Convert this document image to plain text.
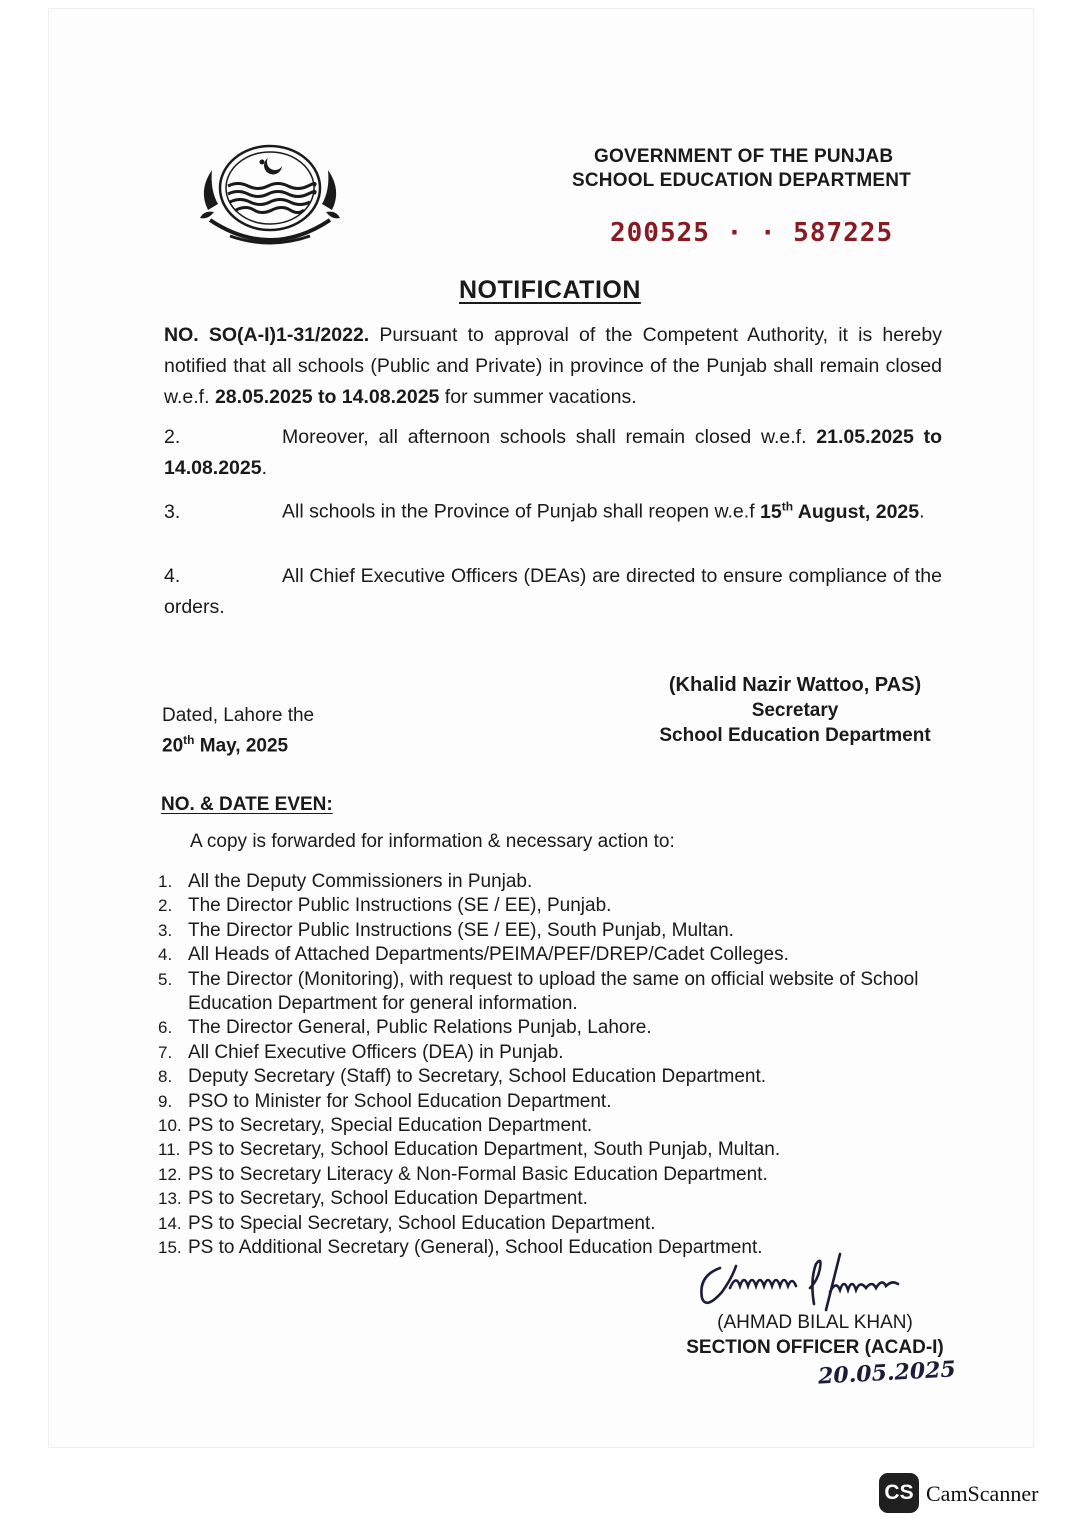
GOVERNMENT OF THE PUNJAB
SCHOOL EDUCATION DEPARTMENT
200525 · · 587225
NOTIFICATION
NO. SO(A-I)1-31/2022. Pursuant to approval of the Competent Authority, it is hereby notified that all schools (Public and Private) in province of the Punjab shall remain closed w.e.f. 28.05.2025 to 14.08.2025 for summer vacations.
2.	Moreover, all afternoon schools shall remain closed w.e.f. 21.05.2025 to 14.08.2025.
3.	All schools in the Province of Punjab shall reopen w.e.f 15th August, 2025.
4.	All Chief Executive Officers (DEAs) are directed to ensure compliance of the orders.
(Khalid Nazir Wattoo, PAS)
Secretary
School Education Department
Dated, Lahore the
20th May, 2025
NO. & DATE EVEN:
A copy is forwarded for information & necessary action to:
1. All the Deputy Commissioners in Punjab.
2. The Director Public Instructions (SE / EE), Punjab.
3. The Director Public Instructions (SE / EE), South Punjab, Multan.
4. All Heads of Attached Departments/PEIMA/PEF/DREP/Cadet Colleges.
5. The Director (Monitoring), with request to upload the same on official website of School Education Department for general information.
6. The Director General, Public Relations Punjab, Lahore.
7. All Chief Executive Officers (DEA) in Punjab.
8. Deputy Secretary (Staff) to Secretary, School Education Department.
9. PSO to Minister for School Education Department.
10. PS to Secretary, Special Education Department.
11. PS to Secretary, School Education Department, South Punjab, Multan.
12. PS to Secretary Literacy & Non-Formal Basic Education Department.
13. PS to Secretary, School Education Department.
14. PS to Special Secretary, School Education Department.
15. PS to Additional Secretary (General), School Education Department.
(AHMAD BILAL KHAN)
SECTION OFFICER (ACAD-I)
20.05.2025
CS CamScanner
